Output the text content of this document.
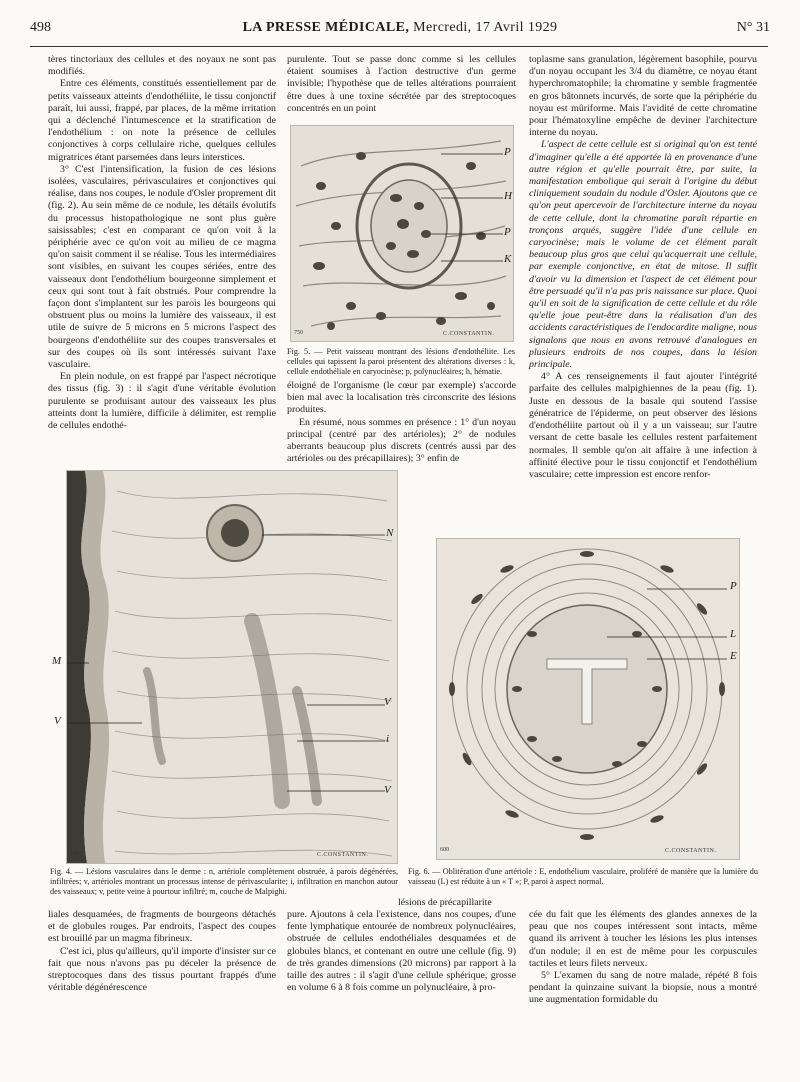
498	LA PRESSE MÉDICALE, Mercredi, 17 Avril 1929	N° 31

tères tinctoriaux des cellules et des noyaux ne sont pas modifiés.

Entre ces éléments, constitués essentiellement par de petits vaisseaux atteints d'endothéliite, le tissu conjonctif paraît, lui aussi, frappé, par places, de la même irritation qui a déclenché l'intumescence et la stratification de l'endothélium : on note la présence de cellules conjonctives à corps cellulaire riche, quelques cellules migratrices étant parsemées dans leurs interstices.

3° C'est l'intensification, la fusion de ces lésions isolées, vasculaires, périvasculaires et conjonctives qui réalise, dans nos coupes, le nodule d'Osler proprement dit (fig. 2). Au sein même de ce nodule, les détails évolutifs du processus histopathologique ne sont plus guère saisissables; c'est en comparant ce qu'on voit à la périphérie avec ce qu'on voit au milieu de ce magma qu'on saisit comment il se réalise. Tous les intermédiaires sont visibles, en suivant les coupes sériées, entre des vaisseaux dont l'endothélium bourgeonne simplement et ceux qui sont tout à fait obstrués. Pour comprendre la façon dont s'implantent sur les parois les bourgeons qui obstruent plus ou moins la lumière des vaisseaux, il est utile de suivre de 5 microns en 5 microns l'aspect des bourgeons d'endothéliite sur des coupes transversales et sur des coupes où ils sont intéressés suivant l'axe vasculaire.

En plein nodule, on est frappé par l'aspect nécrotique des tissus (fig. 3) : il s'agit d'une véritable évolution purulente se produisant autour des vaisseaux les plus atteints dont la lumière, difficile à délimiter, est remplie de cellules endothé-

purulente. Tout se passe donc comme si les cellules étaient soumises à l'action destructive d'un germe invisible; l'hypothèse que de telles altérations pourraient être dues à une toxine sécrétée par des streptocoques concentrés en un point

P
H
P
K
750	C.CONSTANTIN.
Fig. 5. — Petit vaisseau montrant des lésions d'endothéliite. Les cellules qui tapissent la paroi présentent des altérations diverses : k, cellule endothéliale en caryocinèse; p, polynucléaires; h, hématie.

éloigné de l'organisme (le cœur par exemple) s'accorde bien mal avec la localisation très circonscrite des lésions produites.

En résumé, nous sommes en présence : 1° d'un noyau principal (centré par des artérioles); 2° de nodules aberrants beaucoup plus discrets (centrés aussi par des artérioles ou des précapillaires); 3° enfin de

toplasme sans granulation, légèrement basophile, pourvu d'un noyau occupant les 3/4 du diamètre, ce noyau étant hyperchromatophile; la chromatine y semble fragmentée en gros bâtonnets incurvés, de sorte que la périphérie du noyau est mûriforme. Mais l'avidité de cette chromatine pour l'hématoxyline empêche de deviner l'architecture interne du noyau.

L'aspect de cette cellule est si original qu'on est tenté d'imaginer qu'elle a été apportée là en provenance d'une autre région et qu'elle pourrait être, par suite, la manifestation embolique qui serait à l'origine du début cliniquement soudain du nodule d'Osler. Ajoutons que ce qu'on peut apercevoir de l'architecture interne du noyau de cette cellule, dont la chromatine paraît répartie en tronçons arqués, suggère l'idée d'une cellule en caryocinèse; mais le volume de cet élément paraît beaucoup plus gros que celui qu'acquerrait une cellule, par exemple conjonctive, en état de mitose. Il suffit d'avoir vu la dimension et l'aspect de cet élément pour être persuadé qu'il n'a pas pris naissance sur place. Quoi qu'il en soit de la signification de cette cellule et du rôle qu'elle joue peut-être dans la réalisation d'un des accidents caractéristiques de l'endocardite maligne, nous signalons que nous en avons retrouvé d'analogues en plusieurs endroits de nos coupes, dans la lésion principale.

4° A ces renseignements il faut ajouter l'intégrité parfaite des cellules malpighiennes de la peau (fig. 1). Juste en dessous de la basale qui soutend l'assise génératrice de l'épiderme, on peut observer des lésions d'endothéliite partout où il y a un vaisseau; sur l'autre versant de cette basale les cellules restent parfaitement normales. Il semble qu'on ait affaire à une infection à affinité élective pour le tissu conjonctif et l'endothélium vasculaire; cette impression est encore renfor-

N
100	C.CONSTANTIN.
M
V
V
i
V
Fig. 4. — Lésions vasculaires dans le derme : n, artériole complètement obstruée, à parois dégénérées, infiltrées; v, artérioles montrant un processus intense de périvascularite; i, infiltration en manchon autour des vaisseaux; v, petite veine à pourtour infiltré; m, couche de Malpighi.
600	C.CONSTANTIN.
P
L
E
Fig. 6. — Oblitération d'une artériole : E, endothélium vasculaire, proliféré de manière que la lumière du vaisseau (L) est réduite à un « T »; P, paroi à aspect normal.

liales desquamées, de fragments de bourgeons détachés et de globules rouges. Par endroits, l'aspect des coupes est brouillé par un magma fibrineux.

C'est ici, plus qu'ailleurs, qu'il importe d'insister sur ce fait que nous n'avons pas pu déceler la présence de streptocoques dans des tissus pourtant frappés d'une véritable dégénérescence

lésions de précapillarite

pure. Ajoutons à cela l'existence, dans nos coupes, d'une fente lymphatique entourée de nombreux polynucléaires, obstruée de cellules endothéliales desquamées et de globules blancs, et contenant en outre une cellule (fig. 9) de très grandes dimensions (20 microns) par rapport à la taille des autres : il s'agit d'une cellule sphérique, grosse en volume 6 à 8 fois comme un polynucléaire, à pro-

cée du fait que les éléments des glandes annexes de la peau que nos coupes intéressent sont intacts, même quand ils arrivent à toucher les lésions les plus intenses d'un nodule; il en est de même pour les corpuscules tactiles et leurs filets nerveux.

5° L'examen du sang de notre malade, répété 8 fois pendant la quinzaine suivant la biopsie, nous a montré une augmentation formidable du
